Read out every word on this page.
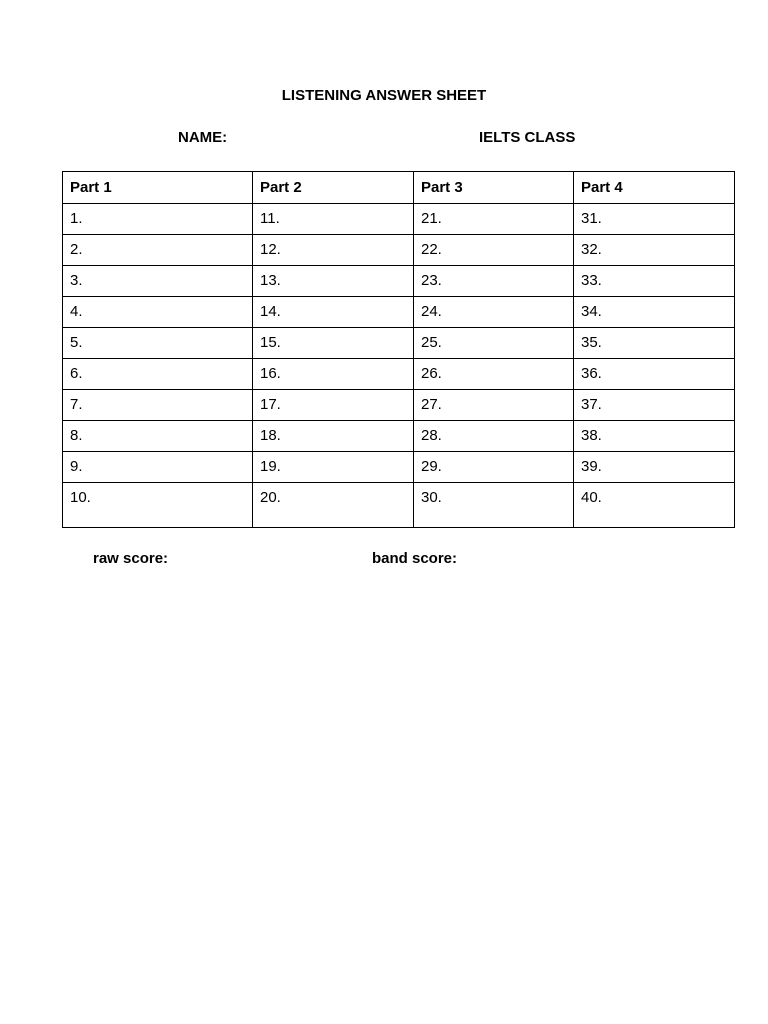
LISTENING ANSWER SHEET
NAME:	IELTS CLASS
Part 1	Part 2	Part 3	Part 4
1.	11.	21.	31.
2.	12.	22.	32.
3.	13.	23.	33.
4.	14.	24.	34.
5.	15.	25.	35.
6.	16.	26.	36.
7.	17.	27.	37.
8.	18.	28.	38.
9.	19.	29.	39.
10.	20.	30.	40.
raw score:	band score:
